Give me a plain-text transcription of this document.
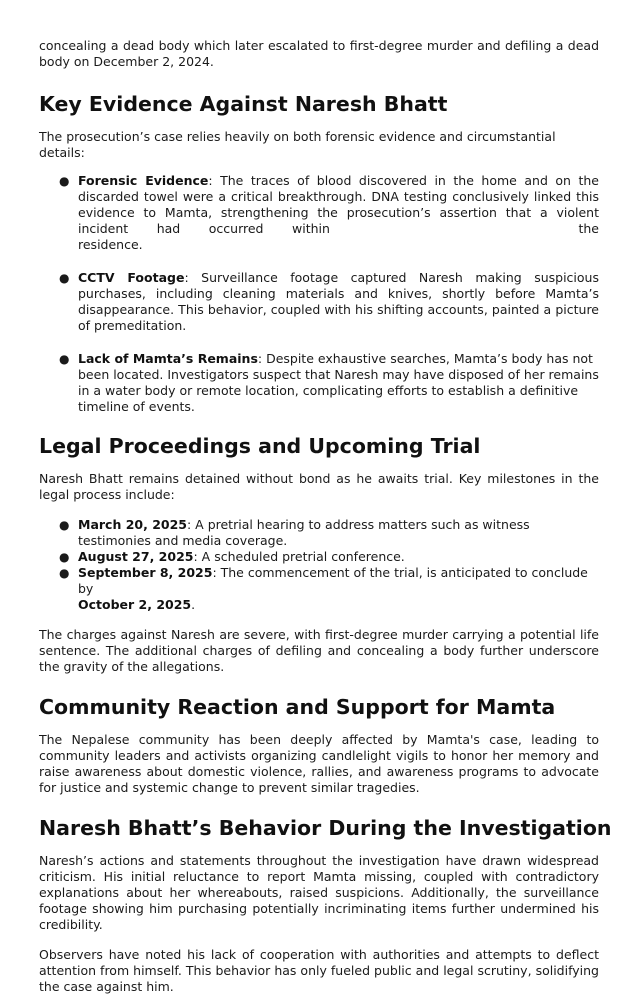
concealing a dead body which later escalated to first-degree murder and defiling a dead body on December 2, 2024.

Key Evidence Against Naresh Bhatt

The prosecution’s case relies heavily on both forensic evidence and circumstantial details:

● Forensic Evidence: The traces of blood discovered in the home and on the discarded towel were a critical breakthrough. DNA testing conclusively linked this evidence to Mamta, strengthening the prosecution’s assertion that a violent incident had occurred within the residence.
● CCTV Footage: Surveillance footage captured Naresh making suspicious purchases, including cleaning materials and knives, shortly before Mamta’s disappearance. This behavior, coupled with his shifting accounts, painted a picture of premeditation.
● Lack of Mamta’s Remains: Despite exhaustive searches, Mamta’s body has not been located. Investigators suspect that Naresh may have disposed of her remains in a water body or remote location, complicating efforts to establish a definitive timeline of events.
Legal Proceedings and Upcoming Trial

Naresh Bhatt remains detained without bond as he awaits trial. Key milestones in the legal process include:

● March 20, 2025: A pretrial hearing to address matters such as witness testimonies and media coverage.
● August 27, 2025: A scheduled pretrial conference.
● September 8, 2025: The commencement of the trial, is anticipated to conclude by
October 2, 2025.

The charges against Naresh are severe, with first-degree murder carrying a potential life sentence. The additional charges of defiling and concealing a body further underscore the gravity of the allegations.

Community Reaction and Support for Mamta

The Nepalese community has been deeply affected by Mamta's case, leading to community leaders and activists organizing candlelight vigils to honor her memory and raise awareness about domestic violence, rallies, and awareness programs to advocate for justice and systemic change to prevent similar tragedies.

Naresh Bhatt’s Behavior During the Investigation

Naresh’s actions and statements throughout the investigation have drawn widespread criticism. His initial reluctance to report Mamta missing, coupled with contradictory explanations about her whereabouts, raised suspicions. Additionally, the surveillance footage showing him purchasing potentially incriminating items further undermined his credibility.

Observers have noted his lack of cooperation with authorities and attempts to deflect attention from himself. This behavior has only fueled public and legal scrutiny, solidifying the case against him.
